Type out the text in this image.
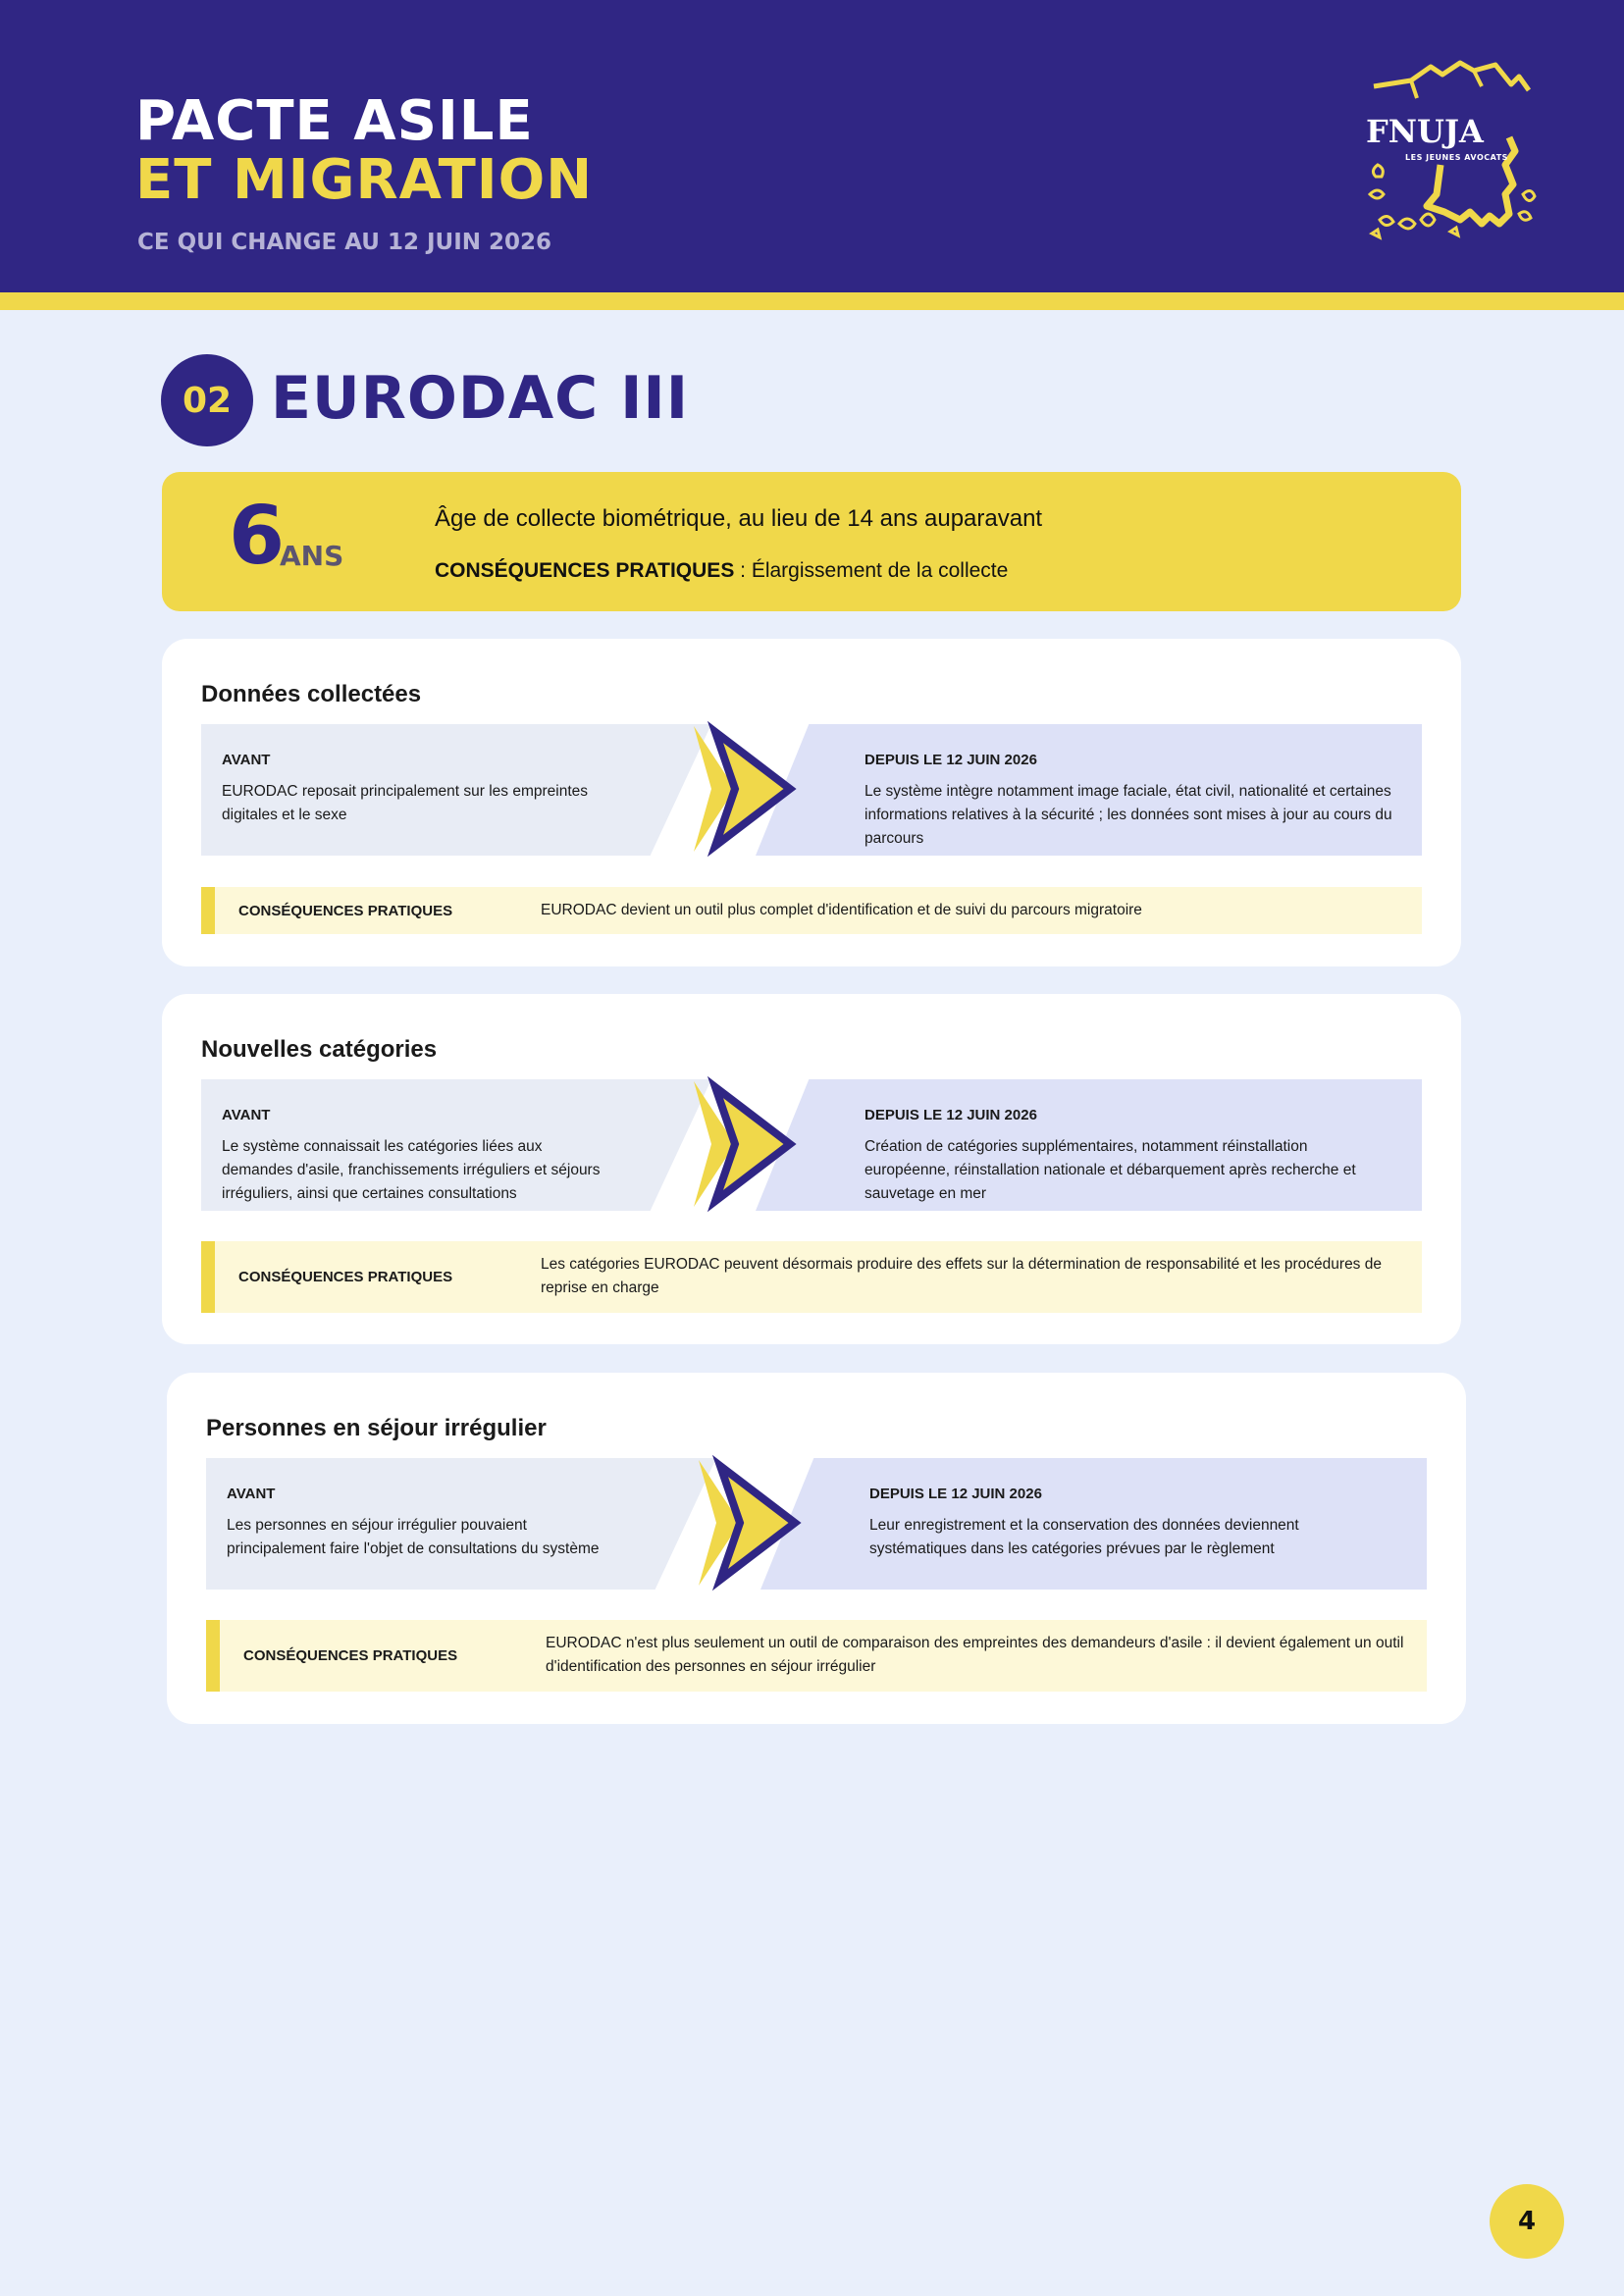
PACTE ASILE
ET MIGRATION
CE QUI CHANGE AU 12 JUIN 2026
FNUJA
LES JEUNES AVOCATS
02 EURODAC III
6
ANS
Âge de collecte biométrique, au lieu de 14 ans auparavant
CONSÉQUENCES PRATIQUES : Élargissement de la collecte
Données collectées
AVANT
EURODAC reposait principalement sur les empreintes digitales et le sexe
DEPUIS LE 12 JUIN 2026
Le système intègre notamment image faciale, état civil, nationalité et certaines informations relatives à la sécurité ; les données sont mises à jour au cours du parcours
CONSÉQUENCES PRATIQUES	EURODAC devient un outil plus complet d'identification et de suivi du parcours migratoire
Nouvelles catégories
AVANT
Le système connaissait les catégories liées aux demandes d'asile, franchissements irréguliers et séjours irréguliers, ainsi que certaines consultations
DEPUIS LE 12 JUIN 2026
Création de catégories supplémentaires, notamment réinstallation européenne, réinstallation nationale et débarquement après recherche et sauvetage en mer
CONSÉQUENCES PRATIQUES
Les catégories EURODAC peuvent désormais produire des effets sur la détermination de responsabilité et les procédures de reprise en charge
Personnes en séjour irrégulier
AVANT
Les personnes en séjour irrégulier pouvaient principalement faire l'objet de consultations du système
DEPUIS LE 12 JUIN 2026
Leur enregistrement et la conservation des données deviennent systématiques dans les catégories prévues par le règlement
CONSÉQUENCES PRATIQUES
EURODAC n'est plus seulement un outil de comparaison des empreintes des demandeurs d'asile : il devient également un outil d'identification des personnes en séjour irrégulier
4
